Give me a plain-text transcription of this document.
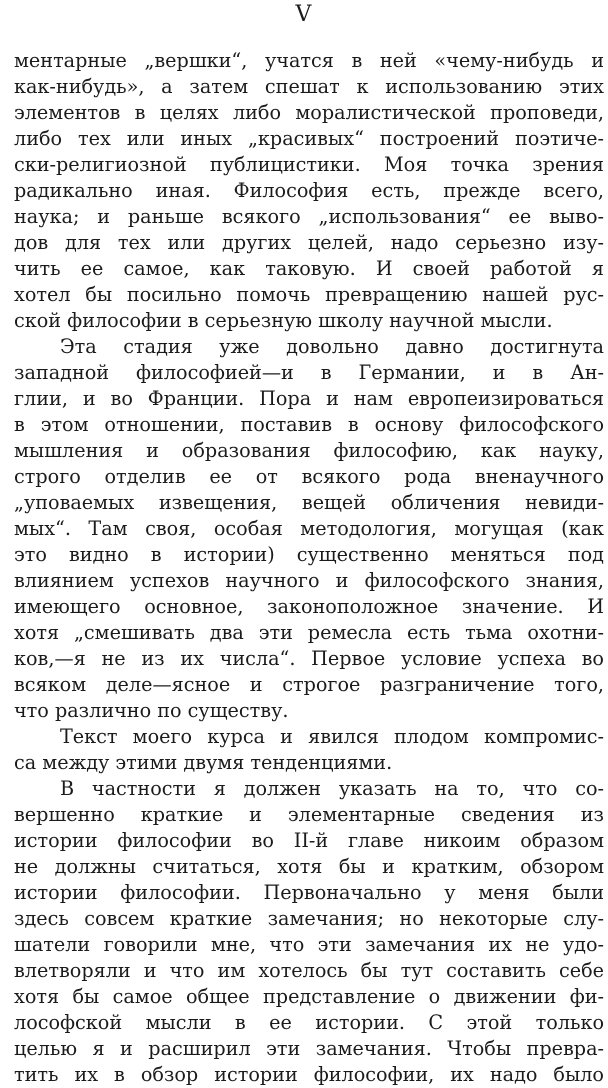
V
ментарные „вершки“, учатся в ней «чему-нибудь и
как-нибудь», а затем спешат к использованию этих
элементов в целях либо моралистической проповеди,
либо тех или иных „красивых“ построений поэтиче-
ски-религиозной публицистики. Моя точка зрения
радикально иная. Философия есть, прежде всего,
наука; и раньше всякого „использования“ ее выво-
дов для тех или других целей, надо серьезно изу-
чить ее самое, как таковую. И своей работой я
хотел бы посильно помочь превращению нашей рус-
ской философии в серьезную школу научной мысли.
Эта стадия уже довольно давно достигнута
западной философией—и в Германии, и в Ан-
глии, и во Франции. Пора и нам европеизироваться
в этом отношении, поставив в основу философского
мышления и образования философию, как науку,
строго отделив ее от всякого рода вненаучного
„уповаемых извещения, вещей обличения невиди-
мых“. Там своя, особая методология, могущая (как
это видно в истории) существенно меняться под
влиянием успехов научного и философского знания,
имеющего основное, законоположное значение. И
хотя „смешивать два эти ремесла есть тьма охотни-
ков,—я не из их числа“. Первое условие успеха во
всяком деле—ясное и строгое разграничение того,
что различно по существу.
Текст моего курса и явился плодом компромис-
са между этими двумя тенденциями.
В частности я должен указать на то, что со-
вершенно краткие и элементарные сведения из
истории философии во II-й главе никоим образом
не должны считаться, хотя бы и кратким, обзором
истории философии. Первоначально у меня были
здесь совсем краткие замечания; но некоторые слу-
шатели говорили мне, что эти замечания их не удо-
влетворяли и что им хотелось бы тут составить себе
хотя бы самое общее представление о движении фи-
лософской мысли в ее истории. С этой только
целью я и расширил эти замечания. Чтобы превра-
тить их в обзор истории философии, их надо было
